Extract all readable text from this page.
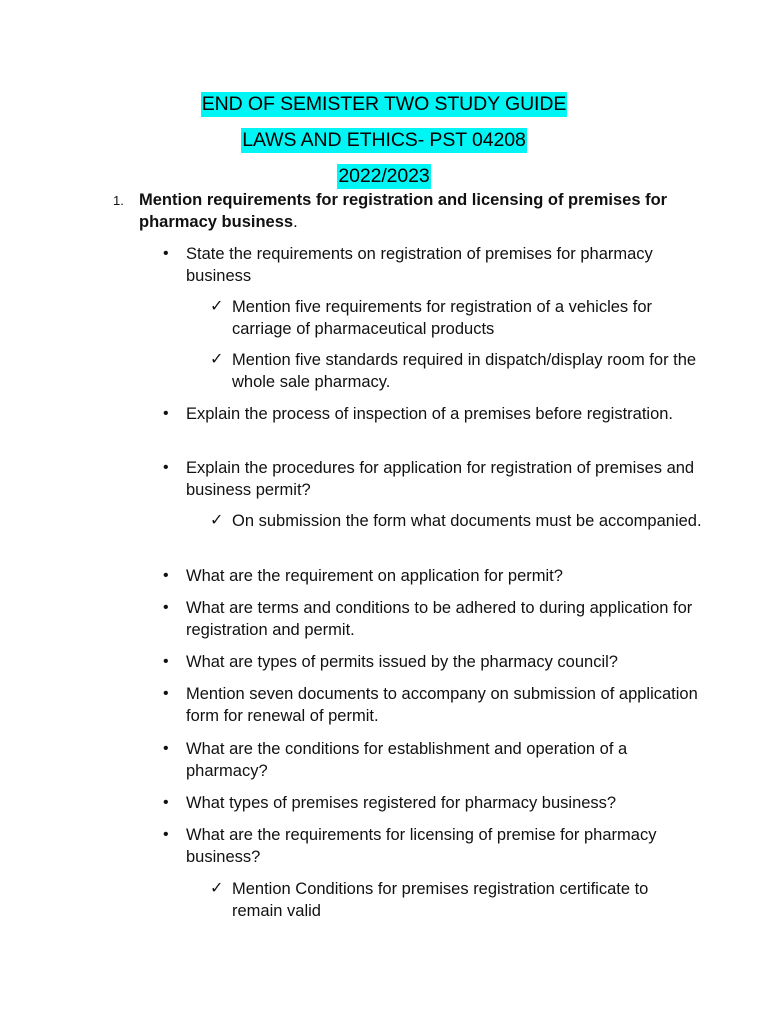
END OF SEMISTER TWO STUDY GUIDE
LAWS AND ETHICS- PST 04208
2022/2023
1. Mention requirements for registration and licensing of premises for pharmacy business.
• State the requirements on registration of premises for pharmacy business
✓ Mention five requirements for registration of a vehicles for carriage of pharmaceutical products
✓ Mention five standards required in dispatch/display room for the whole sale pharmacy.
• Explain the process of inspection of a premises before registration.
• Explain the procedures for application for registration of premises and business permit?
✓ On submission the form what documents must be accompanied.
• What are the requirement on application for permit?
• What are terms and conditions to be adhered to during application for registration and permit.
• What are types of permits issued by the pharmacy council?
• Mention seven documents to accompany on submission of application form for renewal of permit.
• What are the conditions for establishment and operation of a pharmacy?
• What types of premises registered for pharmacy business?
• What are the requirements for licensing of premise for pharmacy business?
✓ Mention Conditions for premises registration certificate to remain valid
